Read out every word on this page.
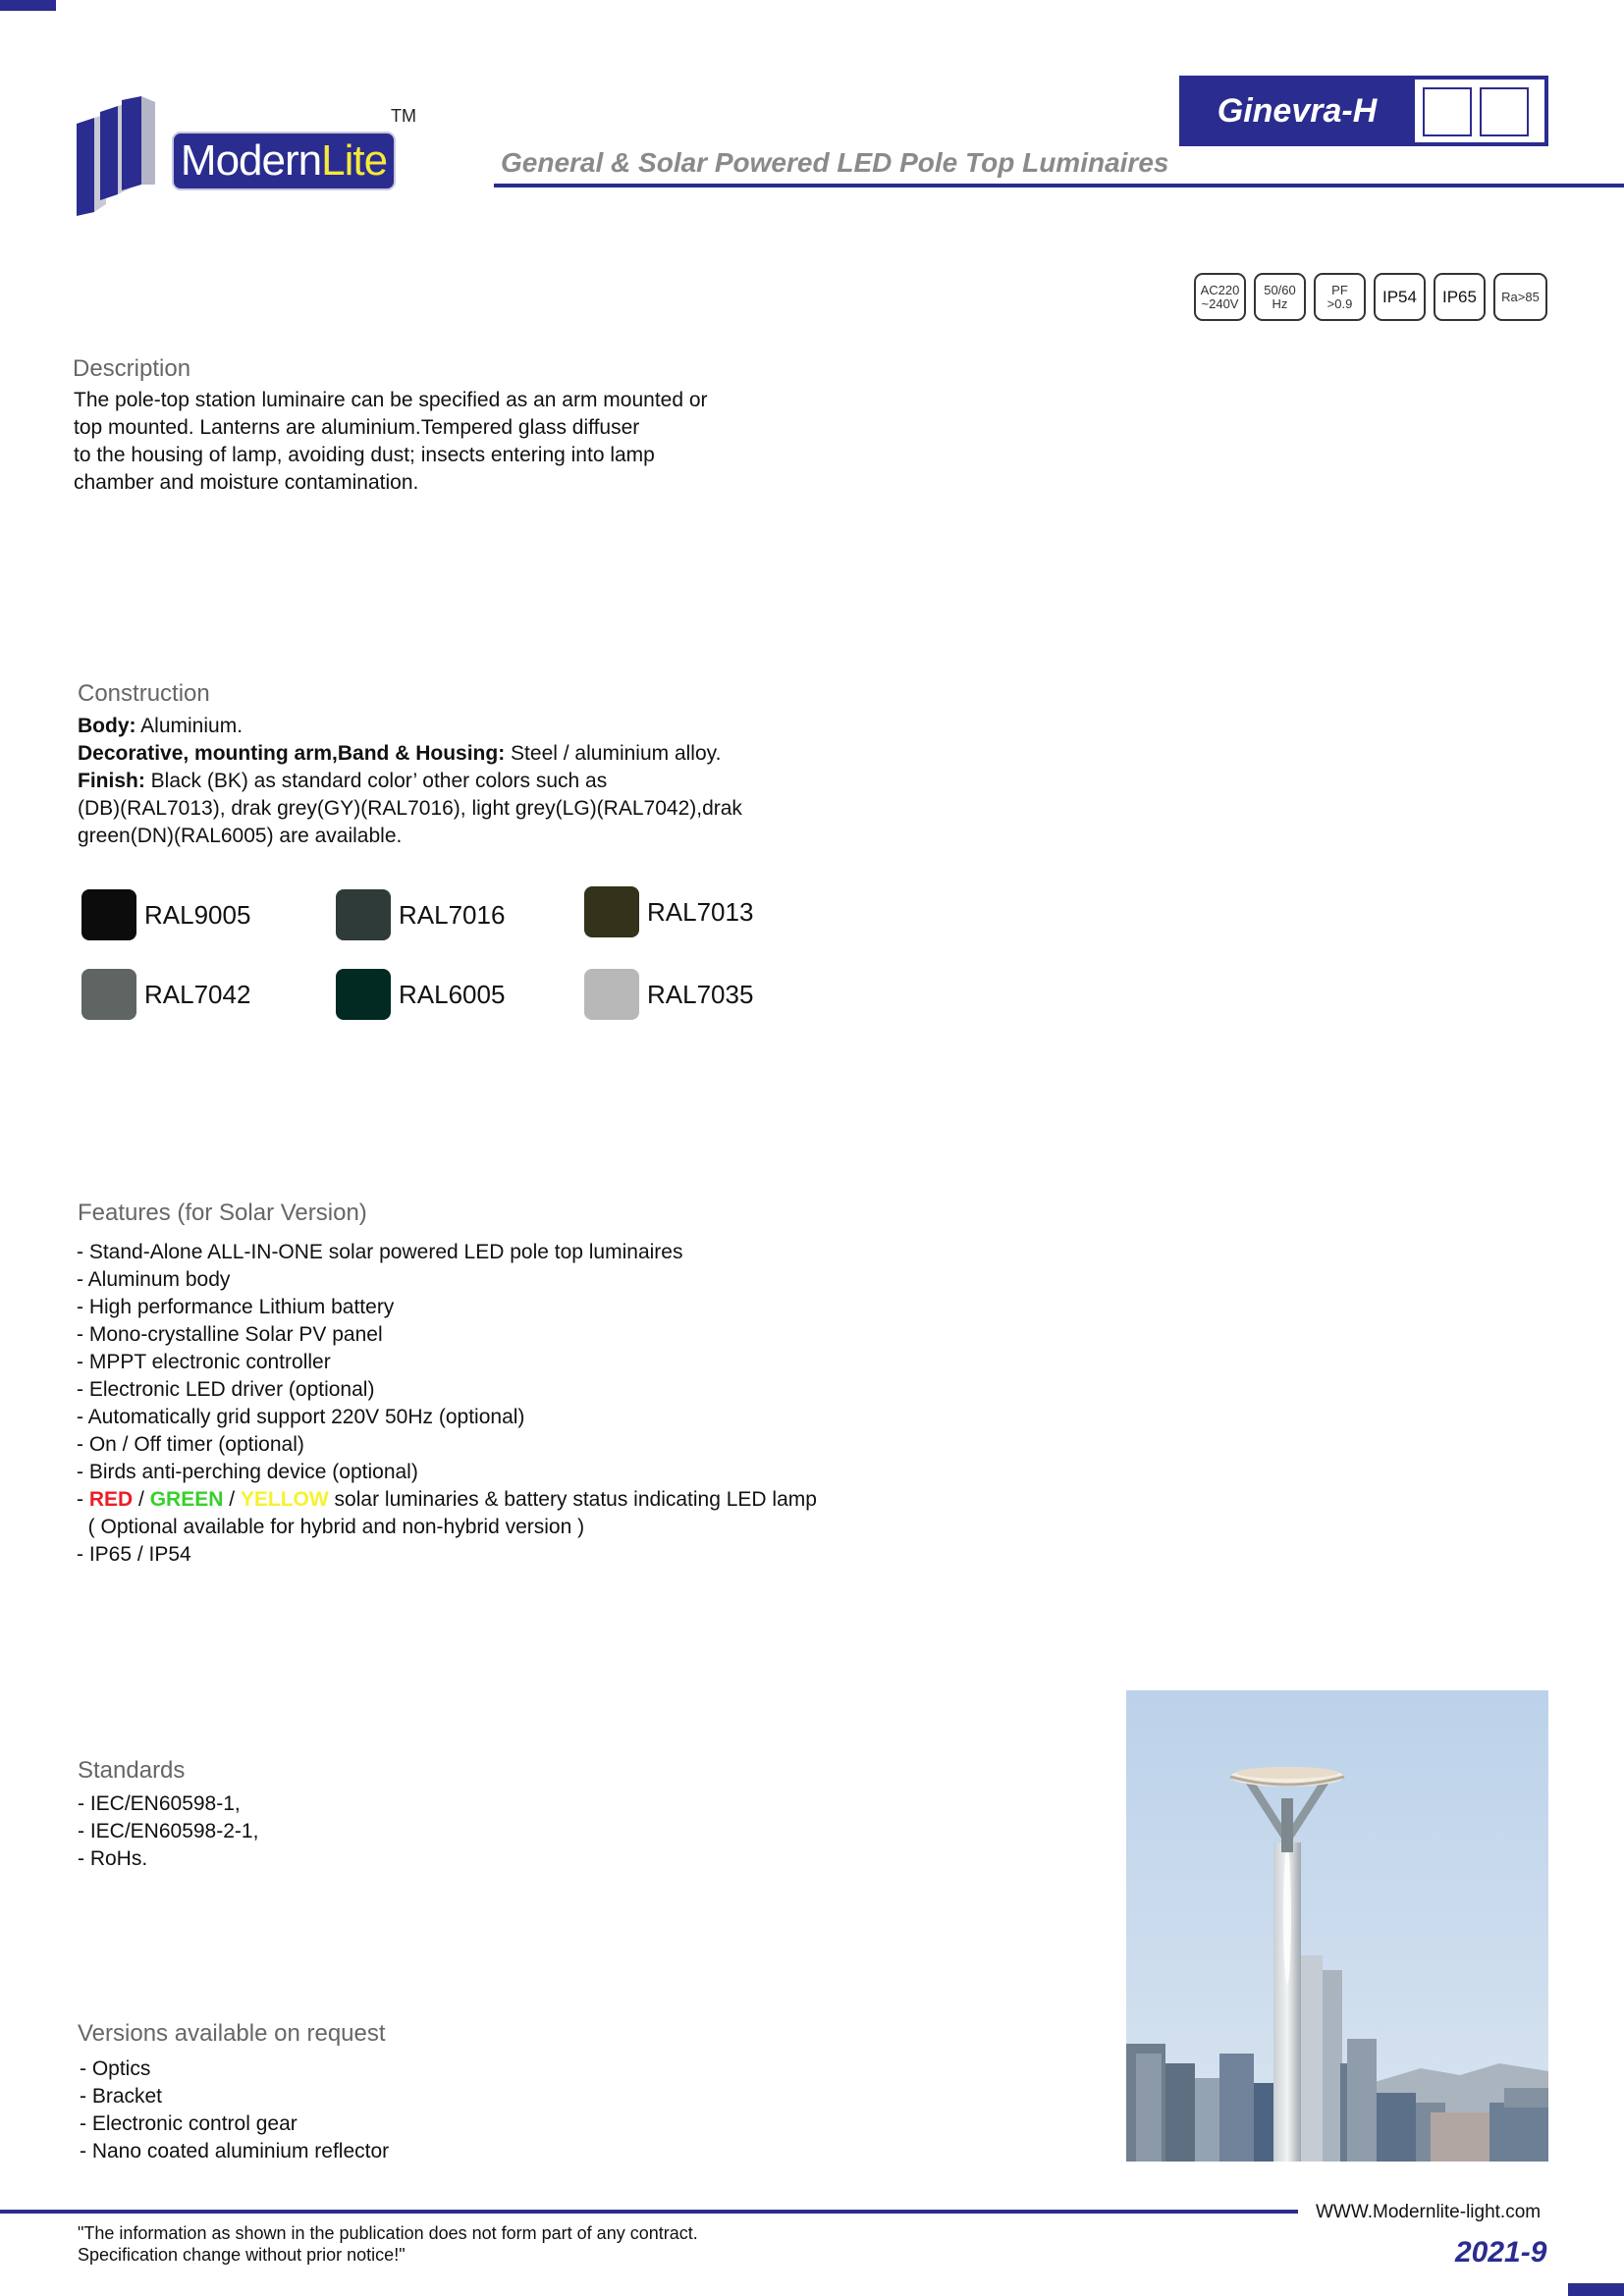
Modern Lite
TM	Ginevra-H
General & Solar Powered LED Pole Top Luminaires
AC220
~240V
50/60
Hz
PF
>0.9	IP54	IP65	Ra>85
Description
The pole-top station luminaire can be specified as an arm mounted or
top mounted. Lanterns are aluminium.Tempered glass diffuser
to the housing of lamp, avoiding dust; insects entering into lamp
chamber and moisture contamination.
Construction
Body: Aluminium.
Decorative, mounting arm,Band & Housing: Steel / aluminium alloy.
Finish: Black (BK) as standard color’ other colors such as
(DB)(RAL7013), drak grey(GY)(RAL7016), light grey(LG)(RAL7042),drak
green(DN)(RAL6005) are available.
RAL9005	RAL7016	RAL7013
RAL7042	RAL6005	RAL7035
Features (for Solar Version)
- Stand-Alone ALL-IN-ONE solar powered LED pole top luminaires
- Aluminum body
- High performance Lithium battery
- Mono-crystalline Solar PV panel
- MPPT electronic controller
- Electronic LED driver (optional)
- Automatically grid support 220V 50Hz (optional)
- On / Off timer (optional)
- Birds anti-perching device (optional)
- RED / GREEN / YELLOW solar luminaries & battery status indicating LED lamp
( Optional available for hybrid and non-hybrid version )
- IP65 / IP54
Standards
- IEC/EN60598-1,
- IEC/EN60598-2-1,
- RoHs.
Versions available on request
- Optics
- Bracket
- Electronic control gear
- Nano coated aluminium reflector
WWW.Modernlite-light.com
"The information as shown in the publication does not form part of any contract.
Specification change without prior notice!"	2021-9
